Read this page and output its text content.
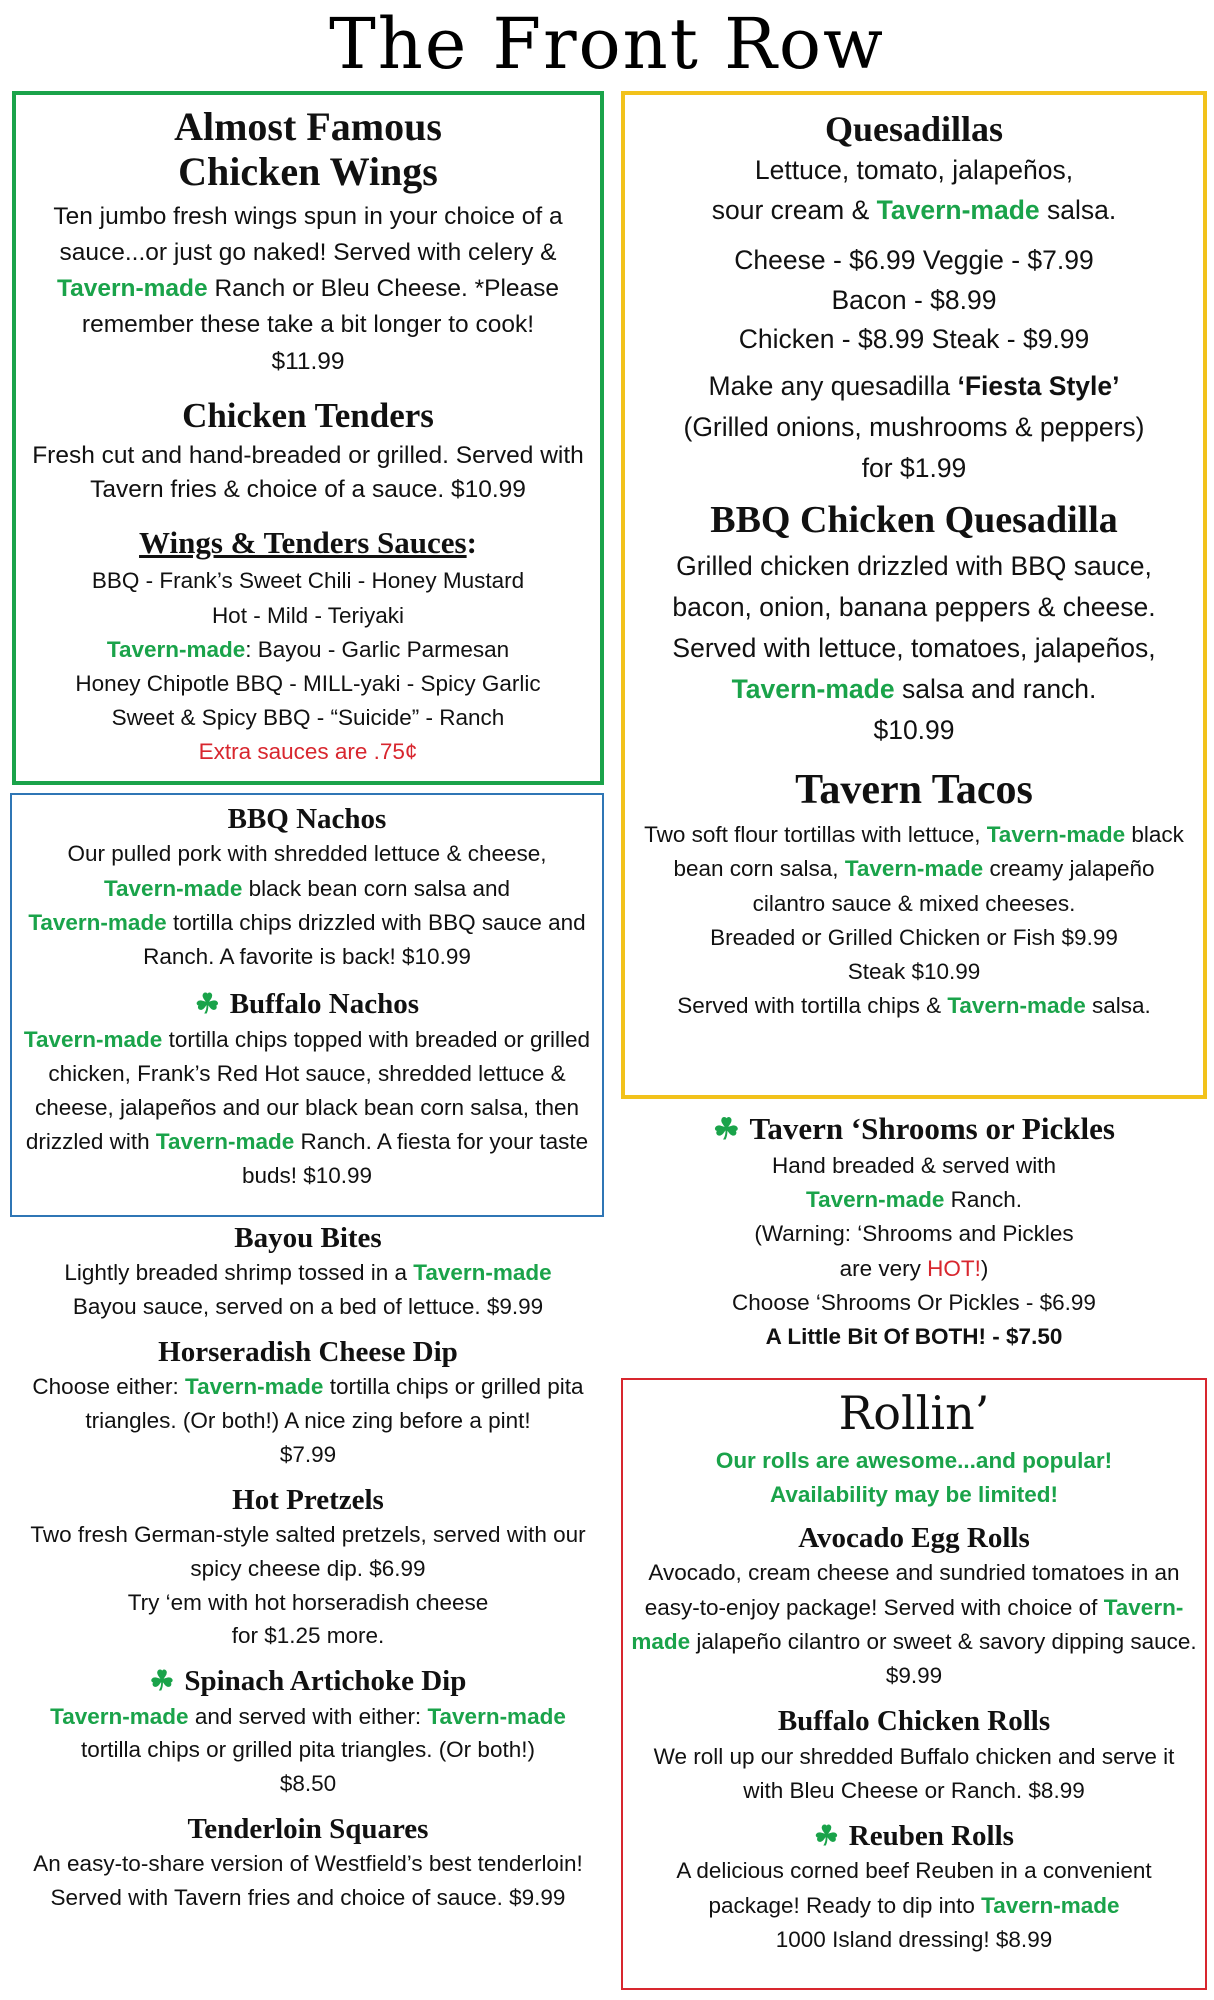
The Front Row
Almost Famous
Chicken Wings

Ten jumbo fresh wings spun in your choice of a sauce...or just go naked! Served with celery & Tavern-made Ranch or Bleu Cheese. *Please remember these take a bit longer to cook!
$11.99

Chicken Tenders

Fresh cut and hand-breaded or grilled. Served with Tavern fries & choice of a sauce. $10.99

Wings & Tenders Sauces:

BBQ - Frank’s Sweet Chili - Honey Mustard
Hot - Mild - Teriyaki
Tavern-made: Bayou - Garlic Parmesan
Honey Chipotle BBQ - MILL-yaki - Spicy Garlic
Sweet & Spicy BBQ - “Suicide” - Ranch
Extra sauces are .75¢

BBQ Nachos

Our pulled pork with shredded lettuce & cheese,
Tavern-made black bean corn salsa and
Tavern-made tortilla chips drizzled with BBQ sauce and Ranch. A favorite is back! $10.99

☘ Buffalo Nachos

Tavern-made tortilla chips topped with breaded or grilled chicken, Frank’s Red Hot sauce, shredded lettuce & cheese, jalapeños and our black bean corn salsa, then drizzled with Tavern-made Ranch. A fiesta for your taste buds! $10.99

Bayou Bites

Lightly breaded shrimp tossed in a Tavern-made
Bayou sauce, served on a bed of lettuce. $9.99

Horseradish Cheese Dip

Choose either: Tavern-made tortilla chips or grilled pita triangles. (Or both!) A nice zing before a pint!
$7.99

Hot Pretzels

Two fresh German-style salted pretzels, served with our spicy cheese dip. $6.99
Try ‘em with hot horseradish cheese
for $1.25 more.

☘ Spinach Artichoke Dip

Tavern-made and served with either: Tavern-made
tortilla chips or grilled pita triangles. (Or both!)
$8.50

Tenderloin Squares

An easy-to-share version of Westfield’s best tenderloin! Served with Tavern fries and choice of sauce. $9.99

Quesadillas

Lettuce, tomato, jalapeños,
sour cream & Tavern-made salsa.

Cheese - $6.99 Veggie - $7.99
Bacon - $8.99
Chicken - $8.99 Steak - $9.99

Make any quesadilla ‘Fiesta Style’
(Grilled onions, mushrooms & peppers)
for $1.99

BBQ Chicken Quesadilla

Grilled chicken drizzled with BBQ sauce, bacon, onion, banana peppers & cheese. Served with lettuce, tomatoes, jalapeños, Tavern-made salsa and ranch.
$10.99

Tavern Tacos

Two soft flour tortillas with lettuce, Tavern-made black bean corn salsa, Tavern-made creamy jalapeño cilantro sauce & mixed cheeses.
Breaded or Grilled Chicken or Fish $9.99
Steak $10.99
Served with tortilla chips & Tavern-made salsa.

☘ Tavern ‘Shrooms or Pickles

Hand breaded & served with
Tavern-made Ranch.
(Warning: ‘Shrooms and Pickles
are very HOT!)
Choose ‘Shrooms Or Pickles - $6.99
A Little Bit Of BOTH! - $7.50

Rollin’

Our rolls are awesome...and popular!
Availability may be limited!

Avocado Egg Rolls

Avocado, cream cheese and sundried tomatoes in an easy-to-enjoy package! Served with choice of Tavern-made jalapeño cilantro or sweet & savory dipping sauce. $9.99

Buffalo Chicken Rolls

We roll up our shredded Buffalo chicken and serve it with Bleu Cheese or Ranch. $8.99

☘ Reuben Rolls

A delicious corned beef Reuben in a convenient package! Ready to dip into Tavern-made
1000 Island dressing! $8.99
